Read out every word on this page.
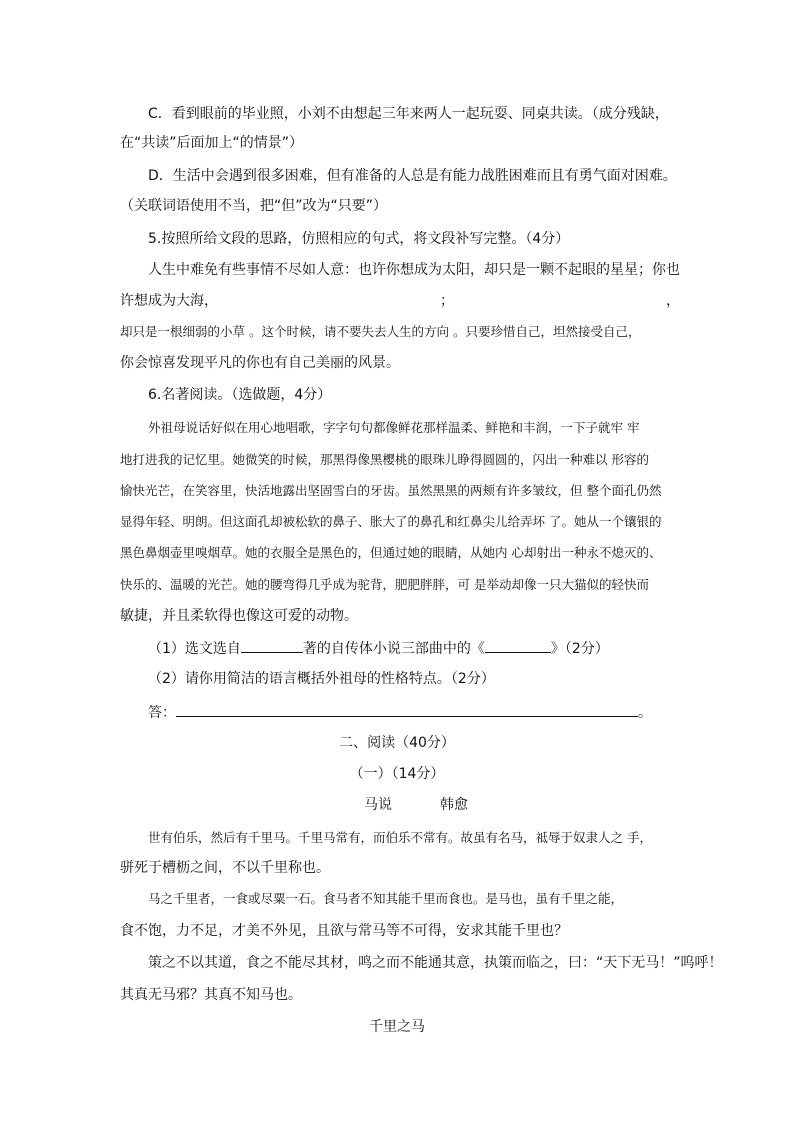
C．看到眼前的毕业照，小刘不由想起三年来两人一起玩耍、同桌共读。（成分残缺，
在“共读”后面加上“的情景”）
D．生活中会遇到很多困难，但有准备的人总是有能力战胜困难而且有勇气面对困难。
（关联词语使用不当，把“但”改为“只要”）
5.按照所给文段的思路，仿照相应的句式，将文段补写完整。（4分）
人生中难免有些事情不尽如人意：也许你想成为太阳，却只是一颗不起眼的星星；你也
许想成为大海，	；	，
却只是一根细弱的小草 。这个时候，请不要失去人生的方向 。只要珍惜自己，坦然接受自己，
你会惊喜发现平凡的你也有自己美丽的风景。
6.名著阅读。（选做题，4分）
外祖母说话好似在用心地唱歌，字字句句都像鲜花那样温柔、鲜艳和丰润，一下子就牢 牢
地打进我的记忆里。她微笑的时候，那黑得像黑樱桃的眼珠儿睁得圆圆的，闪出一种难以 形容的
愉快光芒，在笑容里，快活地露出坚固雪白的牙齿。虽然黑黑的两颊有许多皱纹，但 整个面孔仍然
显得年轻、明朗。但这面孔却被松软的鼻子、胀大了的鼻孔和红鼻尖儿给弄坏 了。她从一个镶银的
黑色鼻烟壶里嗅烟草。她的衣服全是黑色的，但通过她的眼睛，从她内 心却射出一种永不熄灭的、
快乐的、温暖的光芒。她的腰弯得几乎成为驼背，肥肥胖胖，可 是举动却像一只大猫似的轻快而
敏捷，并且柔软得也像这可爱的动物。
（1）选文选自	著的自传体小说三部曲中的《	》（2分）
（2）请你用简洁的语言概括外祖母的性格特点。（2分）
答：	。
二、阅读（40分）
（一）（14分）
马说	韩愈
世有伯乐，然后有千里马。千里马常有，而伯乐不常有。故虽有名马，祗辱于奴隶人之 手，
骈死于槽枥之间，不以千里称也。
马之千里者，一食或尽粟一石。食马者不知其能千里而食也。是马也，虽有千里之能，
食不饱，力不足，才美不外见，且欲与常马等不可得，安求其能千里也？
策之不以其道，食之不能尽其材，鸣之而不能通其意，执策而临之，曰：“天下无马！”呜呼！
其真无马邪？其真不知马也。
千里之马
